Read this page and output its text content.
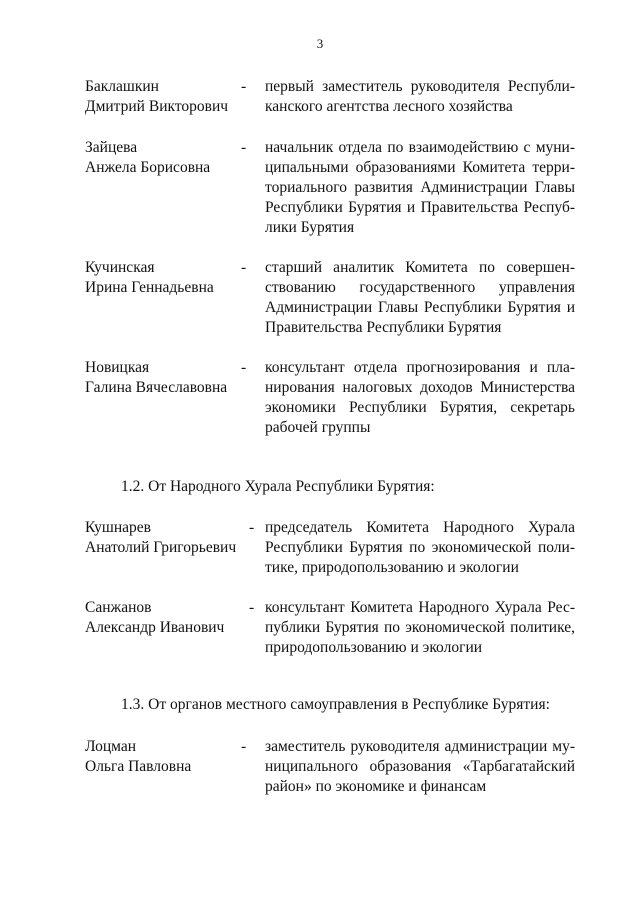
3
Баклашкин
Дмитрий Викторович
- первый заместитель руководителя Республи-
канского агентства лесного хозяйства
Зайцева
Анжела Борисовна
- начальник отдела по взаимодействию с муни-
ципальными образованиями Комитета терри-
ториального развития Администрации Главы
Республики Бурятия и Правительства Респуб-
лики Бурятия
Кучинская
Ирина Геннадьевна
- старший аналитик Комитета по совершен-
ствованию государственного управления
Администрации Главы Республики Бурятия и
Правительства Республики Бурятия
Новицкая
Галина Вячеславовна
- консультант отдела прогнозирования и пла-
нирования налоговых доходов Министерства
экономики Республики Бурятия, секретарь
рабочей группы
1.2. От Народного Хурала Республики Бурятия:
Кушнарев
Анатолий Григорьевич
- председатель Комитета Народного Хурала
Республики Бурятия по экономической поли-
тике, природопользованию и экологии
Санжанов
Александр Иванович
- консультант Комитета Народного Хурала Рес-
публики Бурятия по экономической политике,
природопользованию и экологии
1.3. От органов местного самоуправления в Республике Бурятия:
Лоцман
Ольга Павловна
- заместитель руководителя администрации му-
ниципального образования «Тарбагатайский
район» по экономике и финансам
